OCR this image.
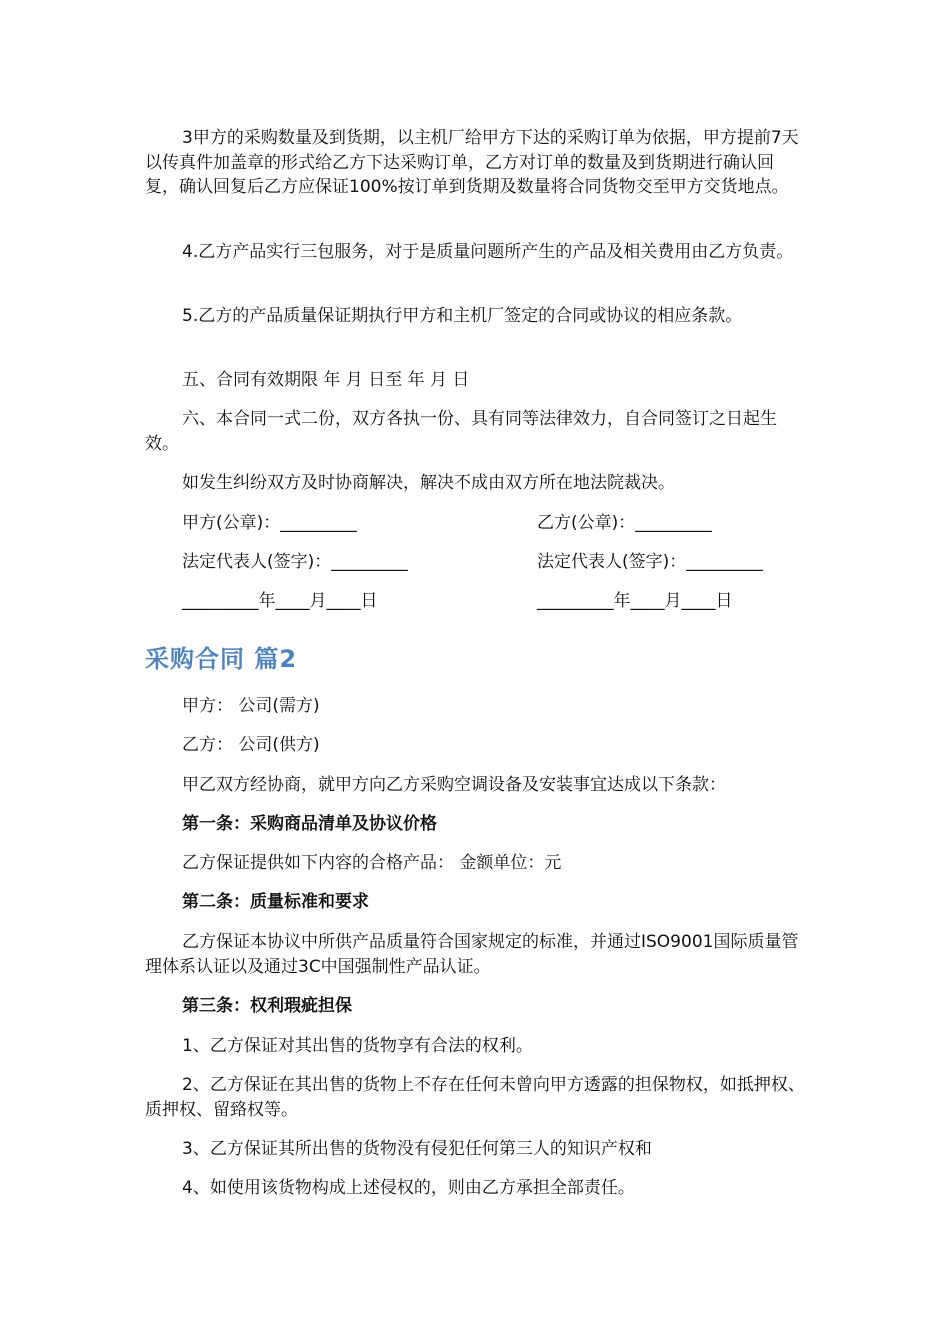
3甲方的采购数量及到货期，以主机厂给甲方下达的采购订单为依据，甲方提前7天以传真件加盖章的形式给乙方下达采购订单，乙方对订单的数量及到货期进行确认回复，确认回复后乙方应保证100%按订单到货期及数量将合同货物交至甲方交货地点。

4.乙方产品实行三包服务，对于是质量问题所产生的产品及相关费用由乙方负责。

5.乙方的产品质量保证期执行甲方和主机厂签定的合同或协议的相应条款。

五、合同有效期限 年 月 日至 年 月 日

六、本合同一式二份，双方各执一份、具有同等法律效力，自合同签订之日起生效。

如发生纠纷双方及时协商解决，解决不成由双方所在地法院裁决。

甲方(公章)：_________	乙方(公章)：_________

法定代表人(签字)：_________	法定代表人(签字)：_________

_________年____月____日	_________年____月____日

采购合同 篇2

甲方： 公司(需方)

乙方： 公司(供方)

甲乙双方经协商，就甲方向乙方采购空调设备及安装事宜达成以下条款：

第一条：采购商品清单及协议价格

乙方保证提供如下内容的合格产品： 金额单位：元

第二条：质量标准和要求

乙方保证本协议中所供产品质量符合国家规定的标准，并通过ISO9001国际质量管理体系认证以及通过3C中国强制性产品认证。

第三条：权利瑕疵担保

1、乙方保证对其出售的货物享有合法的权利。

2、乙方保证在其出售的货物上不存在任何未曾向甲方透露的担保物权，如抵押权、质押权、留臵权等。

3、乙方保证其所出售的货物没有侵犯任何第三人的知识产权和

4、如使用该货物构成上述侵权的，则由乙方承担全部责任。
